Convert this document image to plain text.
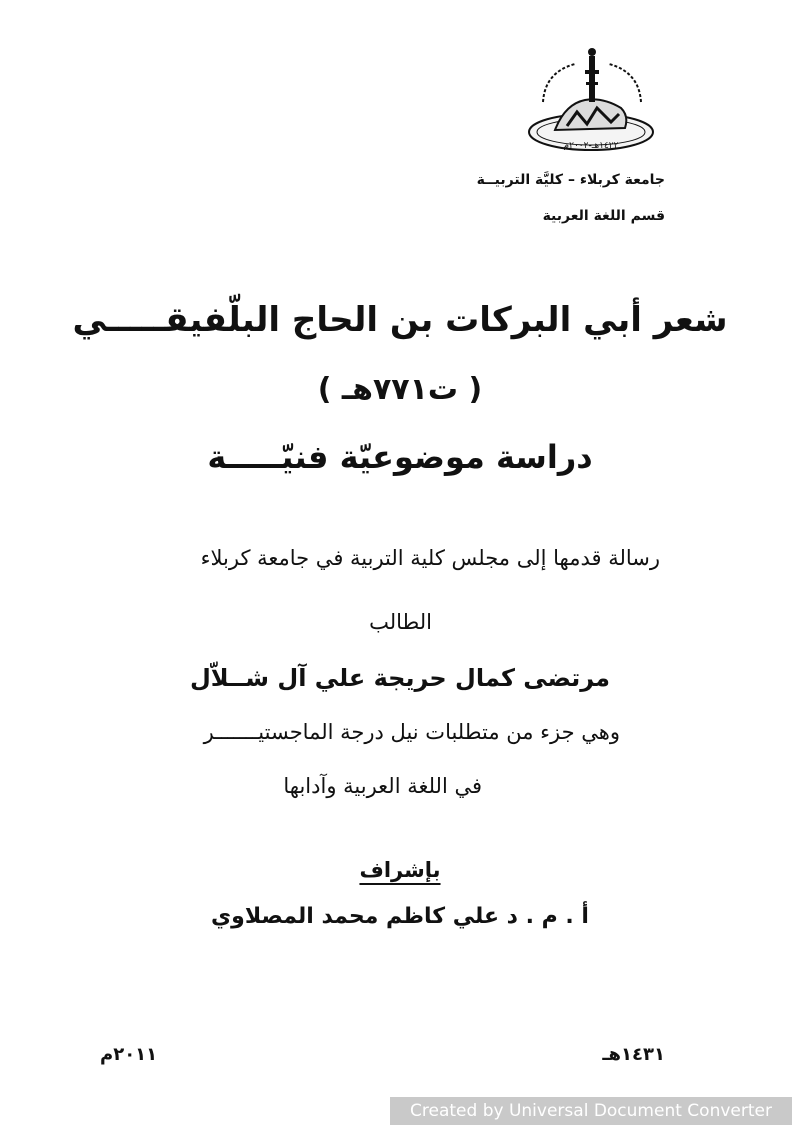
١٤٢٢هـ-٢٠٠٢م
جامعة كربلاء – كليَّة التربيــة
قسم اللغة العربية
شعر أبي البركات بن الحاج البلّفيقـــــي
( ت٧٧١هـ )
دراسة موضوعيّة فنيّـــــة
رسالة قدمها إلى مجلس كلية التربية في جامعة كربلاء
الطالب
مرتضى كمال حريجة علي آل شــلاّل
وهي جزء من متطلبات نيل درجة الماجستيـــــــر
في اللغة العربية وآدابها
بإشراف
أ . م . د علي كاظم محمد المصلاوي
١٤٣١هـ
٢٠١١م
Created by Universal Document Converter
